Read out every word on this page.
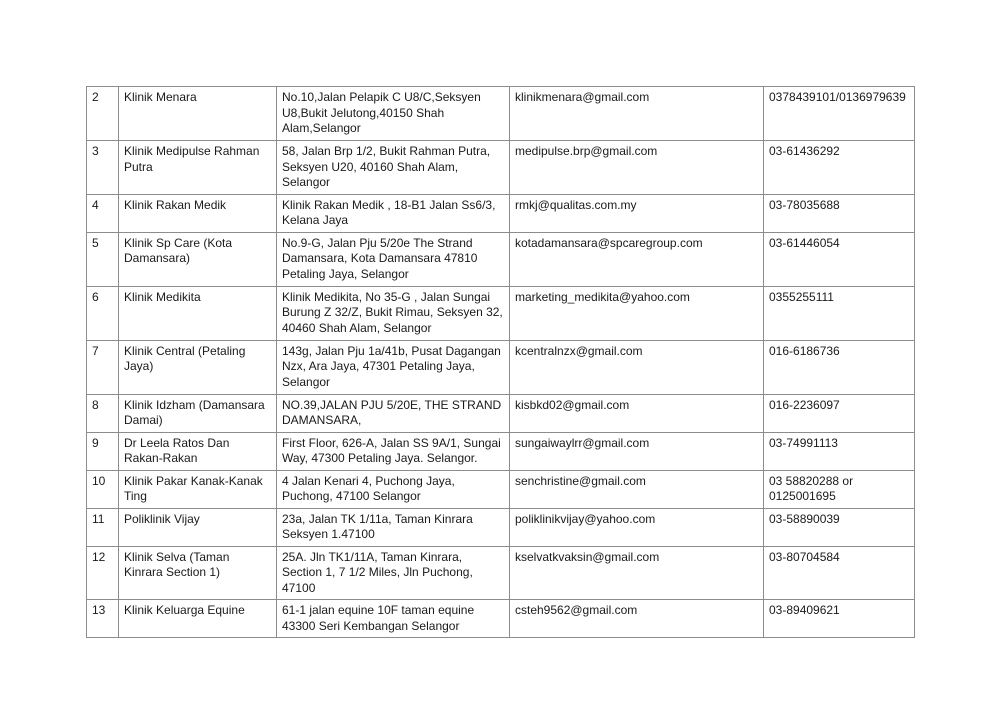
2	Klinik Menara	No.10,Jalan Pelapik C U8/C,Seksyen U8,Bukit Jelutong,40150 Shah Alam,Selangor	klinikmenara@gmail.com	0378439101/0136979639
3	Klinik Medipulse Rahman Putra	58, Jalan Brp 1/2, Bukit Rahman Putra, Seksyen U20, 40160 Shah Alam, Selangor	medipulse.brp@gmail.com	03-61436292
4	Klinik Rakan Medik	Klinik Rakan Medik , 18-B1 Jalan Ss6/3, Kelana Jaya	rmkj@qualitas.com.my	03-78035688
5	Klinik Sp Care (Kota Damansara)	No.9-G, Jalan Pju 5/20e The Strand Damansara, Kota Damansara 47810 Petaling Jaya, Selangor	kotadamansara@spcaregroup.com	03-61446054
6	Klinik Medikita	Klinik Medikita, No 35-G , Jalan Sungai Burung Z 32/Z, Bukit Rimau, Seksyen 32, 40460 Shah Alam, Selangor	marketing_medikita@yahoo.com	0355255111
7	Klinik Central (Petaling Jaya)	143g, Jalan Pju 1a/41b, Pusat Dagangan Nzx, Ara Jaya, 47301 Petaling Jaya, Selangor	kcentralnzx@gmail.com	016-6186736
8	Klinik Idzham (Damansara Damai)	NO.39,JALAN PJU 5/20E, THE STRAND DAMANSARA,	kisbkd02@gmail.com	016-2236097
9	Dr Leela Ratos Dan Rakan-Rakan	First Floor, 626-A, Jalan SS 9A/1, Sungai Way, 47300 Petaling Jaya. Selangor.	sungaiwaylrr@gmail.com	03-74991113
10	Klinik Pakar Kanak-Kanak Ting	4 Jalan Kenari 4, Puchong Jaya, Puchong, 47100 Selangor	senchristine@gmail.com	03 58820288 or 0125001695
11	Poliklinik Vijay	23a, Jalan TK 1/11a, Taman Kinrara Seksyen 1.47100	poliklinikvijay@yahoo.com	03-58890039
12	Klinik Selva (Taman Kinrara Section 1)	25A. Jln TK1/11A, Taman Kinrara, Section 1, 7 1/2 Miles, Jln Puchong, 47100	kselvatkvaksin@gmail.com	03-80704584
13	Klinik Keluarga Equine	61-1 jalan equine 10F taman equine 43300 Seri Kembangan Selangor	csteh9562@gmail.com	03-89409621
